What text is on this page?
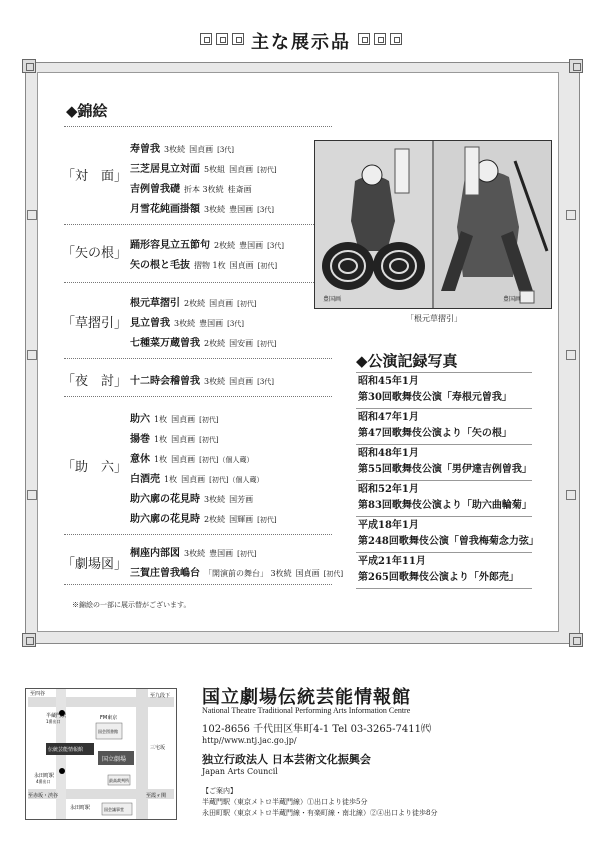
主な展示品
◆錦絵
「対　面」
寿曽我 3枚続 国貞画 [3代]
三芝居見立対面 5枚組 国貞画 [初代]
吉例曽我礎 折本 3枚続 桂斎画
月雪花純画掛額 3枚続 豊国画 [3代]
「矢の根」
踊形容見立五節句 2枚続 豊国画 [3代]
矢の根と毛抜 摺物 1枚 国貞画 [初代]
「草摺引」
根元草摺引 2枚続 国貞画 [初代]
見立曽我 3枚続 豊国画 [3代]
七種菜万蔵曽我 2枚続 国安画 [初代]
「夜　討」 十二時会稽曽我 3枚続 国貞画 [3代]
「助　六」
助六 1枚 国貞画 [初代]
揚巻 1枚 国貞画 [初代]
意休 1枚 国貞画 [初代]（個人蔵）
白酒売 1枚 国貞画 [初代]（個人蔵）
助六廓の花見時 3枚続 国芳画
助六廓の花見時 2枚続 国輝画 [初代]
「劇場図」
桐座内部図 3枚続 豊国画 [初代]
三賀庄曽我嶋台 「開演前の舞台」 3枚続 国貞画 [初代]
※錦絵の一部に展示替がございます。
豊国画	豊国画
「根元草摺引」
◆公演記録写真
昭和45年1月
第30回歌舞伎公演「寿根元曽我」
昭和47年1月
第47回歌舞伎公演より「矢の根」
昭和48年1月
第55回歌舞伎公演「男伊達吉例曽我」
昭和52年1月
第83回歌舞伎公演より「助六曲輪菊」
平成18年1月
第248回歌舞伎公演「曽我梅菊念力弦」
平成21年11月
第265回歌舞伎公演より「外郎売」
至四谷
半蔵門駅
1番出口
FM東京
国会図書館
伝統芸能情報館
国立劇場
永田町駅
4番出口	最高裁判所
至赤坂・渋谷
永田町駅
至霞ヶ関
国会議事堂
三宅坂
至九段下 国立劇場伝統芸能情報館
National Theatre Traditional Performing Arts Information Centre
102-8656 千代田区隼町4-1 Tel 03-3265-7411㈹
http//www.ntj.jac.go.jp/
独立行政法人 日本芸術文化振興会
Japan Arts Council
【ご案内】
半蔵門駅（東京メトロ半蔵門線）①出口より徒歩5分
永田町駅（東京メトロ半蔵門線・有楽町線・南北線）②④出口より徒歩8分
